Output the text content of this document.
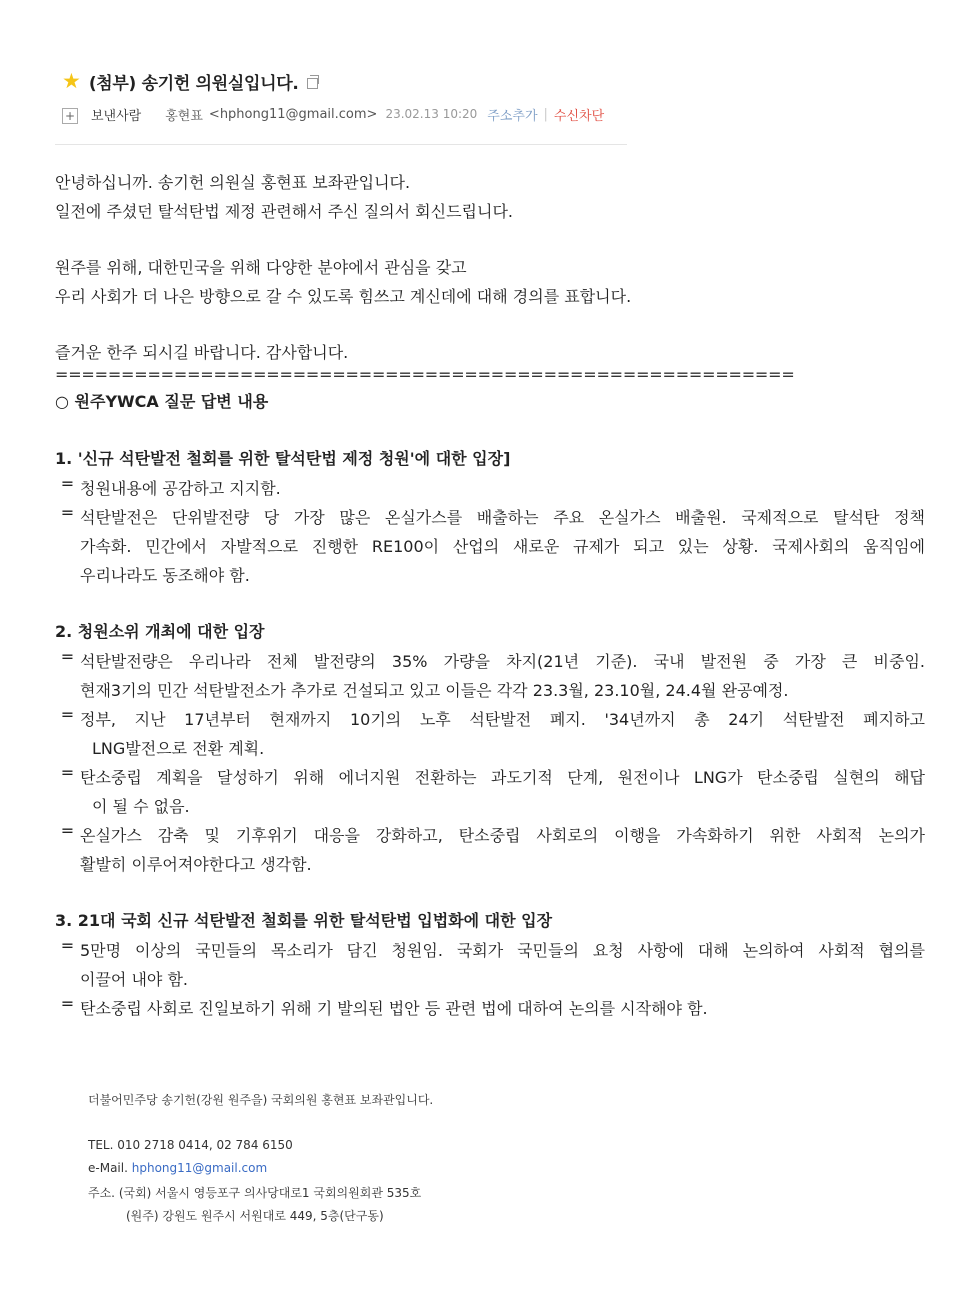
★ (첨부) 송기헌 의원실입니다.
+ 보낸사람 홍현표 <hphong11@gmail.com> 23.02.13 10:20 주소추가 | 수신차단
안녕하십니까. 송기헌 의원실 홍현표 보좌관입니다.
일전에 주셨던 탈석탄법 제정 관련해서 주신 질의서 회신드립니다.
원주를 위해, 대한민국을 위해 다양한 분야에서 관심을 갖고
우리 사회가 더 나은 방향으로 갈 수 있도록 힘쓰고 계신데에 대해 경의를 표합니다.
즐거운 한주 되시길 바랍니다. 감사합니다.
========================================================
○ 원주YWCA 질문 답변 내용
1. '신규 석탄발전 철회를 위한 탈석탄법 제정 청원'에 대한 입장]
= 청원내용에 공감하고 지지함.
= 석탄발전은 단위발전량 당 가장 많은 온실가스를 배출하는 주요 온실가스 배출원. 국제적으로 탈석탄 정책
가속화. 민간에서 자발적으로 진행한 RE100이 산업의 새로운 규제가 되고 있는 상황. 국제사회의 움직임에
우리나라도 동조해야 함.
2. 청원소위 개최에 대한 입장
= 석탄발전량은 우리나라 전체 발전량의 35% 가량을 차지(21년 기준). 국내 발전원 중 가장 큰 비중임.
현재3기의 민간 석탄발전소가 추가로 건설되고 있고 이들은 각각 23.3월, 23.10월, 24.4월 완공예정.
= 정부, 지난 17년부터 현재까지 10기의 노후 석탄발전 폐지. '34년까지 총 24기 석탄발전 폐지하고
LNG발전으로 전환 계획.
= 탄소중립 계획을 달성하기 위해 에너지원 전환하는 과도기적 단계, 원전이나 LNG가 탄소중립 실현의 해답
이 될 수 없음.
= 온실가스 감축 및 기후위기 대응을 강화하고, 탄소중립 사회로의 이행을 가속화하기 위한 사회적 논의가
활발히 이루어져야한다고 생각함.
3. 21대 국회 신규 석탄발전 철회를 위한 탈석탄법 입법화에 대한 입장
= 5만명 이상의 국민들의 목소리가 담긴 청원임. 국회가 국민들의 요청 사항에 대해 논의하여 사회적 협의를
이끌어 내야 함.
= 탄소중립 사회로 진일보하기 위해 기 발의된 법안 등 관련 법에 대하여 논의를 시작해야 함.
더불어민주당 송기헌(강원 원주을) 국회의원 홍현표 보좌관입니다.
TEL. 010 2718 0414, 02 784 6150
e-Mail. hphong11@gmail.com
주소. (국회) 서울시 영등포구 의사당대로1 국회의원회관 535호
(원주) 강원도 원주시 서원대로 449, 5층(단구동)
